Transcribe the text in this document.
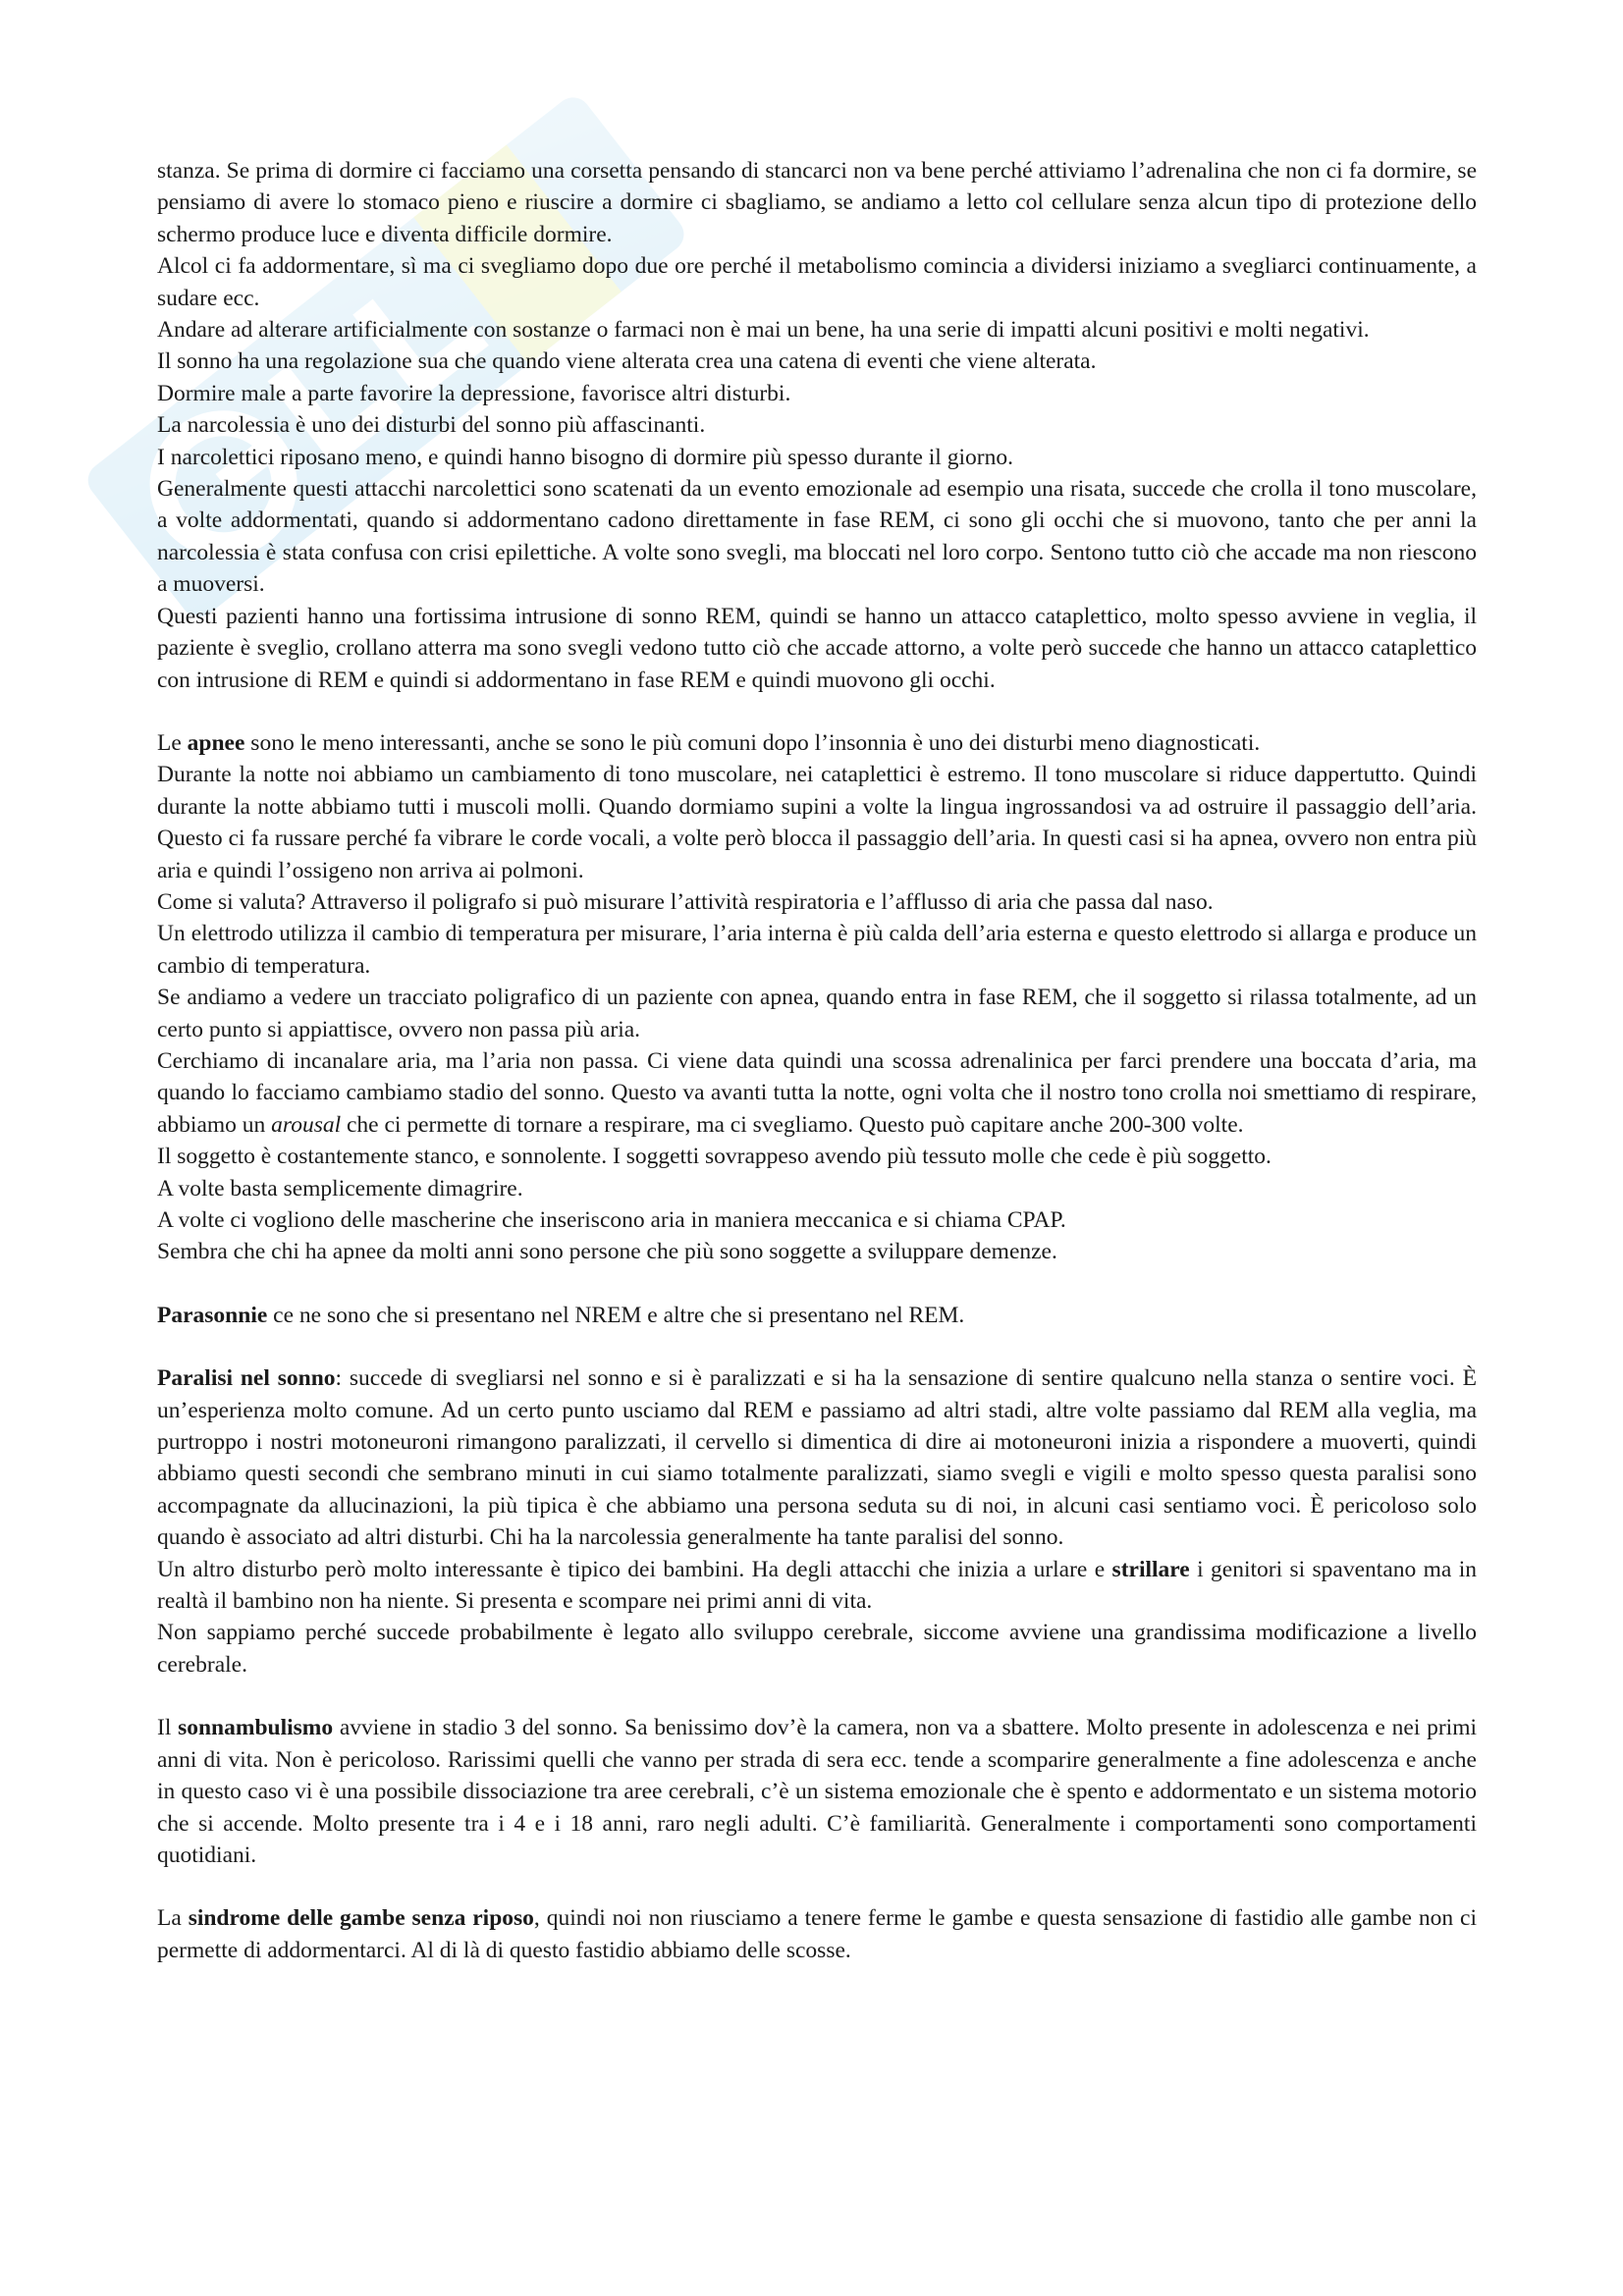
stanza. Se prima di dormire ci facciamo una corsetta pensando di stancarci non va bene perché attiviamo l’adrenalina che non ci fa dormire, se pensiamo di avere lo stomaco pieno e riuscire a dormire ci sbagliamo, se andiamo a letto col cellulare senza alcun tipo di protezione dello schermo produce luce e diventa difficile dormire.

Alcol ci fa addormentare, sì ma ci svegliamo dopo due ore perché il metabolismo comincia a dividersi iniziamo a svegliarci continuamente, a sudare ecc.

Andare ad alterare artificialmente con sostanze o farmaci non è mai un bene, ha una serie di impatti alcuni positivi e molti negativi.

Il sonno ha una regolazione sua che quando viene alterata crea una catena di eventi che viene alterata.

Dormire male a parte favorire la depressione, favorisce altri disturbi.

La narcolessia è uno dei disturbi del sonno più affascinanti.

I narcolettici riposano meno, e quindi hanno bisogno di dormire più spesso durante il giorno.

Generalmente questi attacchi narcolettici sono scatenati da un evento emozionale ad esempio una risata, succede che crolla il tono muscolare, a volte addormentati, quando si addormentano cadono direttamente in fase REM, ci sono gli occhi che si muovono, tanto che per anni la narcolessia è stata confusa con crisi epilettiche. A volte sono svegli, ma bloccati nel loro corpo. Sentono tutto ciò che accade ma non riescono a muoversi.

Questi pazienti hanno una fortissima intrusione di sonno REM, quindi se hanno un attacco cataplettico, molto spesso avviene in veglia, il paziente è sveglio, crollano atterra ma sono svegli vedono tutto ciò che accade attorno, a volte però succede che hanno un attacco cataplettico con intrusione di REM e quindi si addormentano in fase REM e quindi muovono gli occhi.

Le apnee sono le meno interessanti, anche se sono le più comuni dopo l’insonnia è uno dei disturbi meno diagnosticati.

Durante la notte noi abbiamo un cambiamento di tono muscolare, nei cataplettici è estremo. Il tono muscolare si riduce dappertutto. Quindi durante la notte abbiamo tutti i muscoli molli. Quando dormiamo supini a volte la lingua ingrossandosi va ad ostruire il passaggio dell’aria. Questo ci fa russare perché fa vibrare le corde vocali, a volte però blocca il passaggio dell’aria. In questi casi si ha apnea, ovvero non entra più aria e quindi l’ossigeno non arriva ai polmoni.

Come si valuta? Attraverso il poligrafo si può misurare l’attività respiratoria e l’afflusso di aria che passa dal naso.

Un elettrodo utilizza il cambio di temperatura per misurare, l’aria interna è più calda dell’aria esterna e questo elettrodo si allarga e produce un cambio di temperatura.

Se andiamo a vedere un tracciato poligrafico di un paziente con apnea, quando entra in fase REM, che il soggetto si rilassa totalmente, ad un certo punto si appiattisce, ovvero non passa più aria.

Cerchiamo di incanalare aria, ma l’aria non passa. Ci viene data quindi una scossa adrenalinica per farci prendere una boccata d’aria, ma quando lo facciamo cambiamo stadio del sonno. Questo va avanti tutta la notte, ogni volta che il nostro tono crolla noi smettiamo di respirare, abbiamo un arousal che ci permette di tornare a respirare, ma ci svegliamo. Questo può capitare anche 200-300 volte.

Il soggetto è costantemente stanco, e sonnolente. I soggetti sovrappeso avendo più tessuto molle che cede è più soggetto.

A volte basta semplicemente dimagrire.

A volte ci vogliono delle mascherine che inseriscono aria in maniera meccanica e si chiama CPAP.

Sembra che chi ha apnee da molti anni sono persone che più sono soggette a sviluppare demenze.

Parasonnie ce ne sono che si presentano nel NREM e altre che si presentano nel REM.

Paralisi nel sonno: succede di svegliarsi nel sonno e si è paralizzati e si ha la sensazione di sentire qualcuno nella stanza o sentire voci. È un’esperienza molto comune. Ad un certo punto usciamo dal REM e passiamo ad altri stadi, altre volte passiamo dal REM alla veglia, ma purtroppo i nostri motoneuroni rimangono paralizzati, il cervello si dimentica di dire ai motoneuroni inizia a rispondere a muoverti, quindi abbiamo questi secondi che sembrano minuti in cui siamo totalmente paralizzati, siamo svegli e vigili e molto spesso questa paralisi sono accompagnate da allucinazioni, la più tipica è che abbiamo una persona seduta su di noi, in alcuni casi sentiamo voci. È pericoloso solo quando è associato ad altri disturbi. Chi ha la narcolessia generalmente ha tante paralisi del sonno.

Un altro disturbo però molto interessante è tipico dei bambini. Ha degli attacchi che inizia a urlare e strillare i genitori si spaventano ma in realtà il bambino non ha niente. Si presenta e scompare nei primi anni di vita.

Non sappiamo perché succede probabilmente è legato allo sviluppo cerebrale, siccome avviene una grandissima modificazione a livello cerebrale.

Il sonnambulismo avviene in stadio 3 del sonno. Sa benissimo dov’è la camera, non va a sbattere. Molto presente in adolescenza e nei primi anni di vita. Non è pericoloso. Rarissimi quelli che vanno per strada di sera ecc. tende a scomparire generalmente a fine adolescenza e anche in questo caso vi è una possibile dissociazione tra aree cerebrali, c’è un sistema emozionale che è spento e addormentato e un sistema motorio che si accende. Molto presente tra i 4 e i 18 anni, raro negli adulti. C’è familiarità. Generalmente i comportamenti sono comportamenti quotidiani.

La sindrome delle gambe senza riposo, quindi noi non riusciamo a tenere ferme le gambe e questa sensazione di fastidio alle gambe non ci permette di addormentarci. Al di là di questo fastidio abbiamo delle scosse.
